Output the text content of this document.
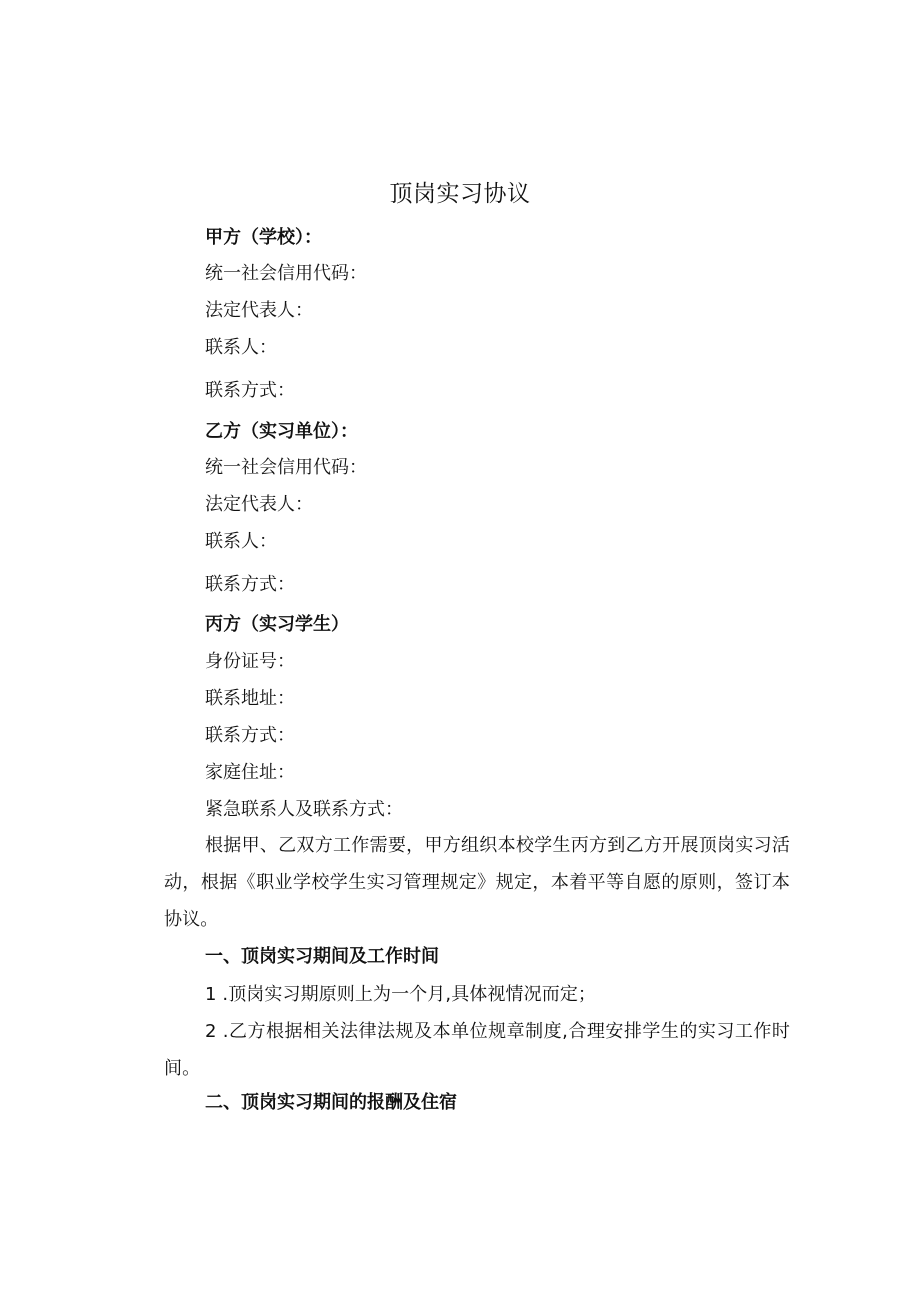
顶岗实习协议
甲方（学校）：
统一社会信用代码：
法定代表人：
联系人：
联系方式：
乙方（实习单位）：
统一社会信用代码：
法定代表人：
联系人：
联系方式：
丙方（实习学生）
身份证号：
联系地址：
联系方式：
家庭住址：
紧急联系人及联系方式：
根据甲、乙双方工作需要，甲方组织本校学生丙方到乙方开展顶岗实习活动，根据《职业学校学生实习管理规定》规定，本着平等自愿的原则，签订本协议。
一、顶岗实习期间及工作时间
1 .顶岗实习期原则上为一个月,具体视情况而定；
2 .乙方根据相关法律法规及本单位规章制度,合理安排学生的实习工作时间。
二、顶岗实习期间的报酬及住宿
